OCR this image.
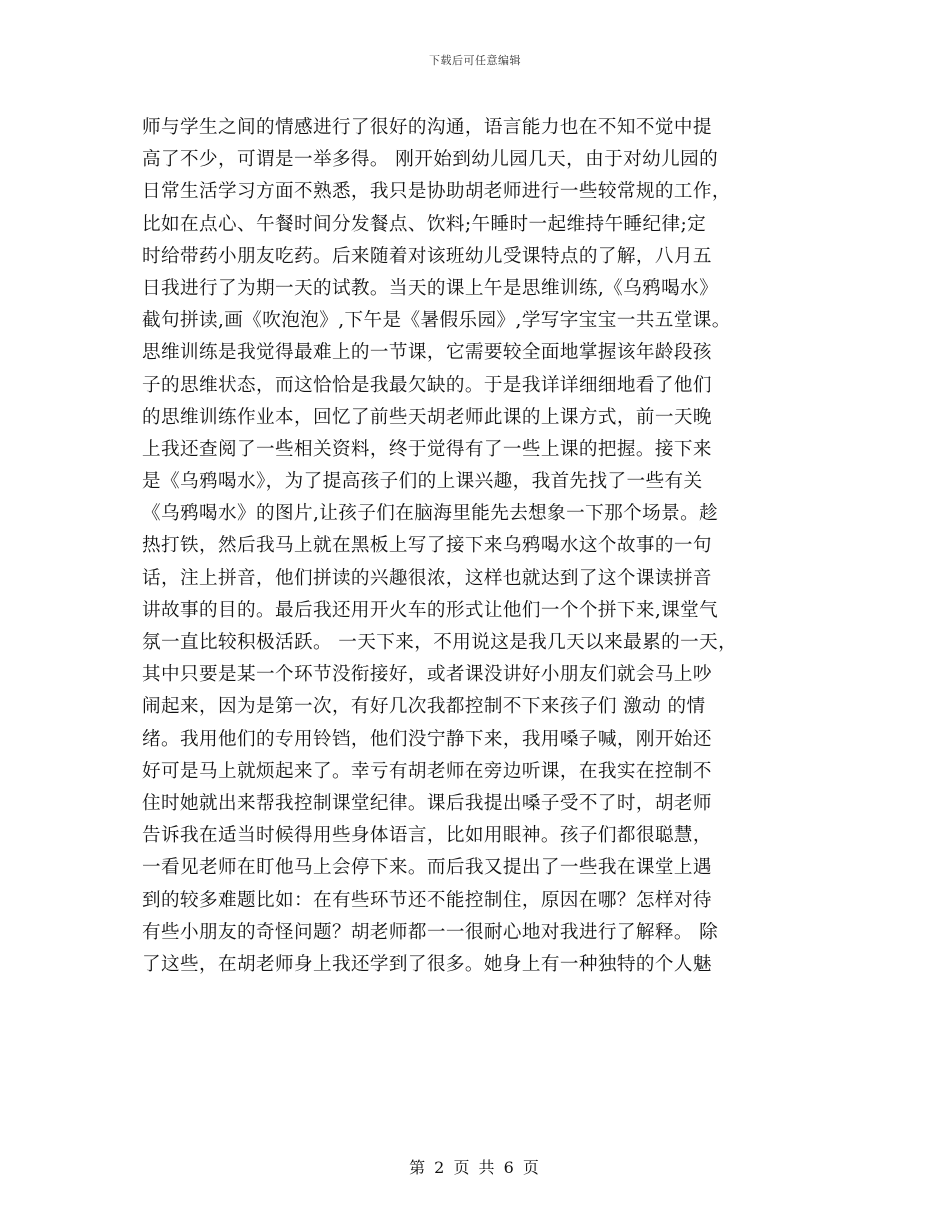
下载后可任意编辑
师与学生之间的情感进行了很好的沟通，语言能力也在不知不觉中提
高了不少，可谓是一举多得。 刚开始到幼儿园几天，由于对幼儿园的
日常生活学习方面不熟悉，我只是协助胡老师进行一些较常规的工作，
比如在点心、午餐时间分发餐点、饮料;午睡时一起维持午睡纪律;定
时给带药小朋友吃药。后来随着对该班幼儿受课特点的了解，八月五
日我进行了为期一天的试教。当天的课上午是思维训练,《乌鸦喝水》
截句拼读,画《吹泡泡》,下午是《暑假乐园》,学写字宝宝一共五堂课。
思维训练是我觉得最难上的一节课，它需要较全面地掌握该年龄段孩
子的思维状态，而这恰恰是我最欠缺的。于是我详详细细地看了他们
的思维训练作业本，回忆了前些天胡老师此课的上课方式，前一天晚
上我还查阅了一些相关资料，终于觉得有了一些上课的把握。接下来
是《乌鸦喝水》，为了提高孩子们的上课兴趣，我首先找了一些有关
《乌鸦喝水》的图片,让孩子们在脑海里能先去想象一下那个场景。趁
热打铁，然后我马上就在黑板上写了接下来乌鸦喝水这个故事的一句
话，注上拼音，他们拼读的兴趣很浓，这样也就达到了这个课读拼音
讲故事的目的。最后我还用开火车的形式让他们一个个拼下来,课堂气
氛一直比较积极活跃。 一天下来，不用说这是我几天以来最累的一天，
其中只要是某一个环节没衔接好，或者课没讲好小朋友们就会马上吵
闹起来，因为是第一次，有好几次我都控制不下来孩子们 激动 的情
绪。我用他们的专用铃铛，他们没宁静下来，我用嗓子喊，刚开始还
好可是马上就烦起来了。幸亏有胡老师在旁边听课，在我实在控制不
住时她就出来帮我控制课堂纪律。课后我提出嗓子受不了时，胡老师
告诉我在适当时候得用些身体语言，比如用眼神。孩子们都很聪慧，
一看见老师在盯他马上会停下来。而后我又提出了一些我在课堂上遇
到的较多难题比如：在有些环节还不能控制住，原因在哪？怎样对待
有些小朋友的奇怪问题？胡老师都一一很耐心地对我进行了解释。 除
了这些，在胡老师身上我还学到了很多。她身上有一种独特的个人魅
第 2 页 共 6 页
